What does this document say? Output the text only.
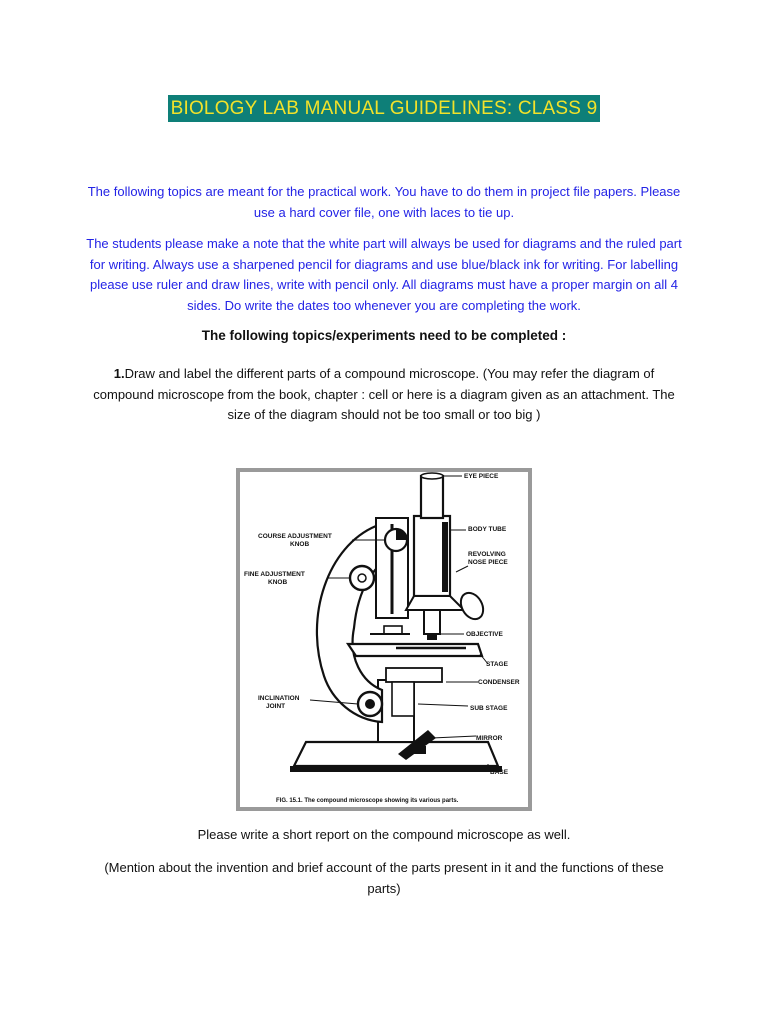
BIOLOGY LAB MANUAL GUIDELINES: CLASS 9

The following topics are meant for the practical work. You have to do them in project file papers. Please use a hard cover file, one with laces to tie up.

The students please make a note that the white part will always be used for diagrams and the ruled part for writing. Always use a sharpened pencil for diagrams and use blue/black ink for writing. For labelling please use ruler and draw lines, write with pencil only. All diagrams must have a proper margin on all 4 sides. Do write the dates too whenever you are completing the work.

The following topics/experiments need to be completed :

1.Draw and label the different parts of a compound microscope. (You may refer the diagram of compound microscope from the book, chapter : cell or here is a diagram given as an attachment. The size of the diagram should not be too small or too big )

EYE PIECE
BODY TUBE
REVOLVING
NOSE PIECE
COURSE ADJUSTMENT
KNOB
FINE ADJUSTMENT
KNOB
OBJECTIVE
STAGE
CONDENSER
INCLINATION
JOINT	SUB STAGE
MIRROR
BASE
FIG. 15.1. The compound microscope showing its various parts.

Please write a short report on the compound microscope as well.

(Mention about the invention and brief account of the parts present in it and the functions of these parts)
